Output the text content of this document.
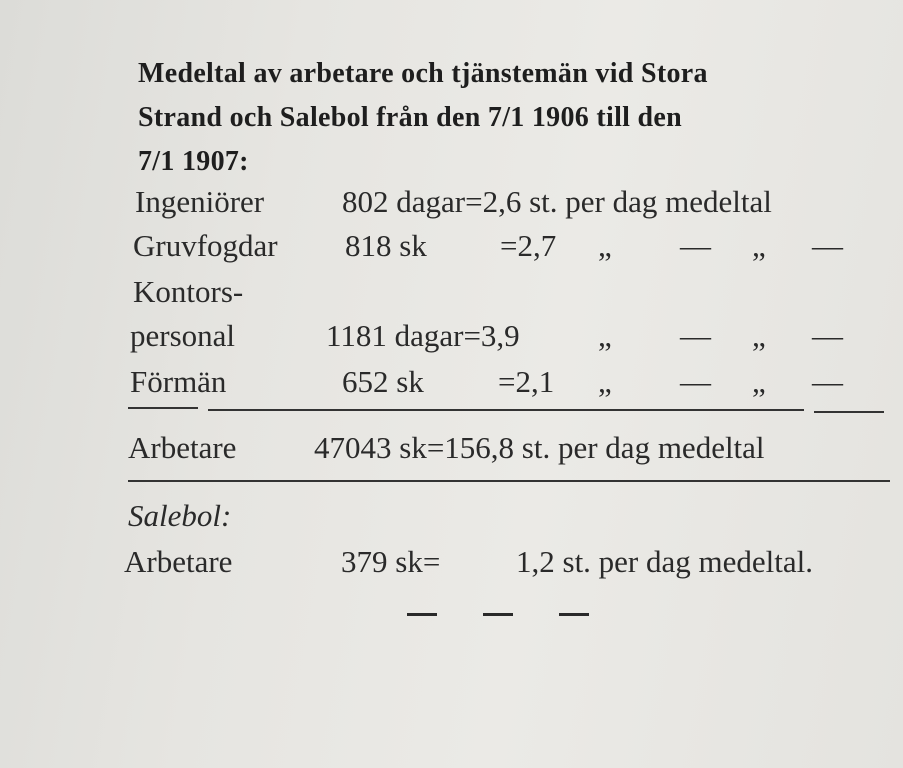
Medeltal av arbetare och tjänstemän vid Stora
Strand och Salebol från den 7/1 1906 till den
7/1 1907:
Ingeniörer	802 dagar=2,6 st. per dag medeltal
Gruvfogdar 818 sk =2,7 „ — „ —
Kontors-
personal	1181 dagar=3,9	„ — „ —
Förmän	652 sk =2,1 „ — „ —
Arbetare	47043 sk=156,8 st. per dag medeltal
Salebol:
Arbetare	379 sk= 1,2 st. per dag medeltal.
